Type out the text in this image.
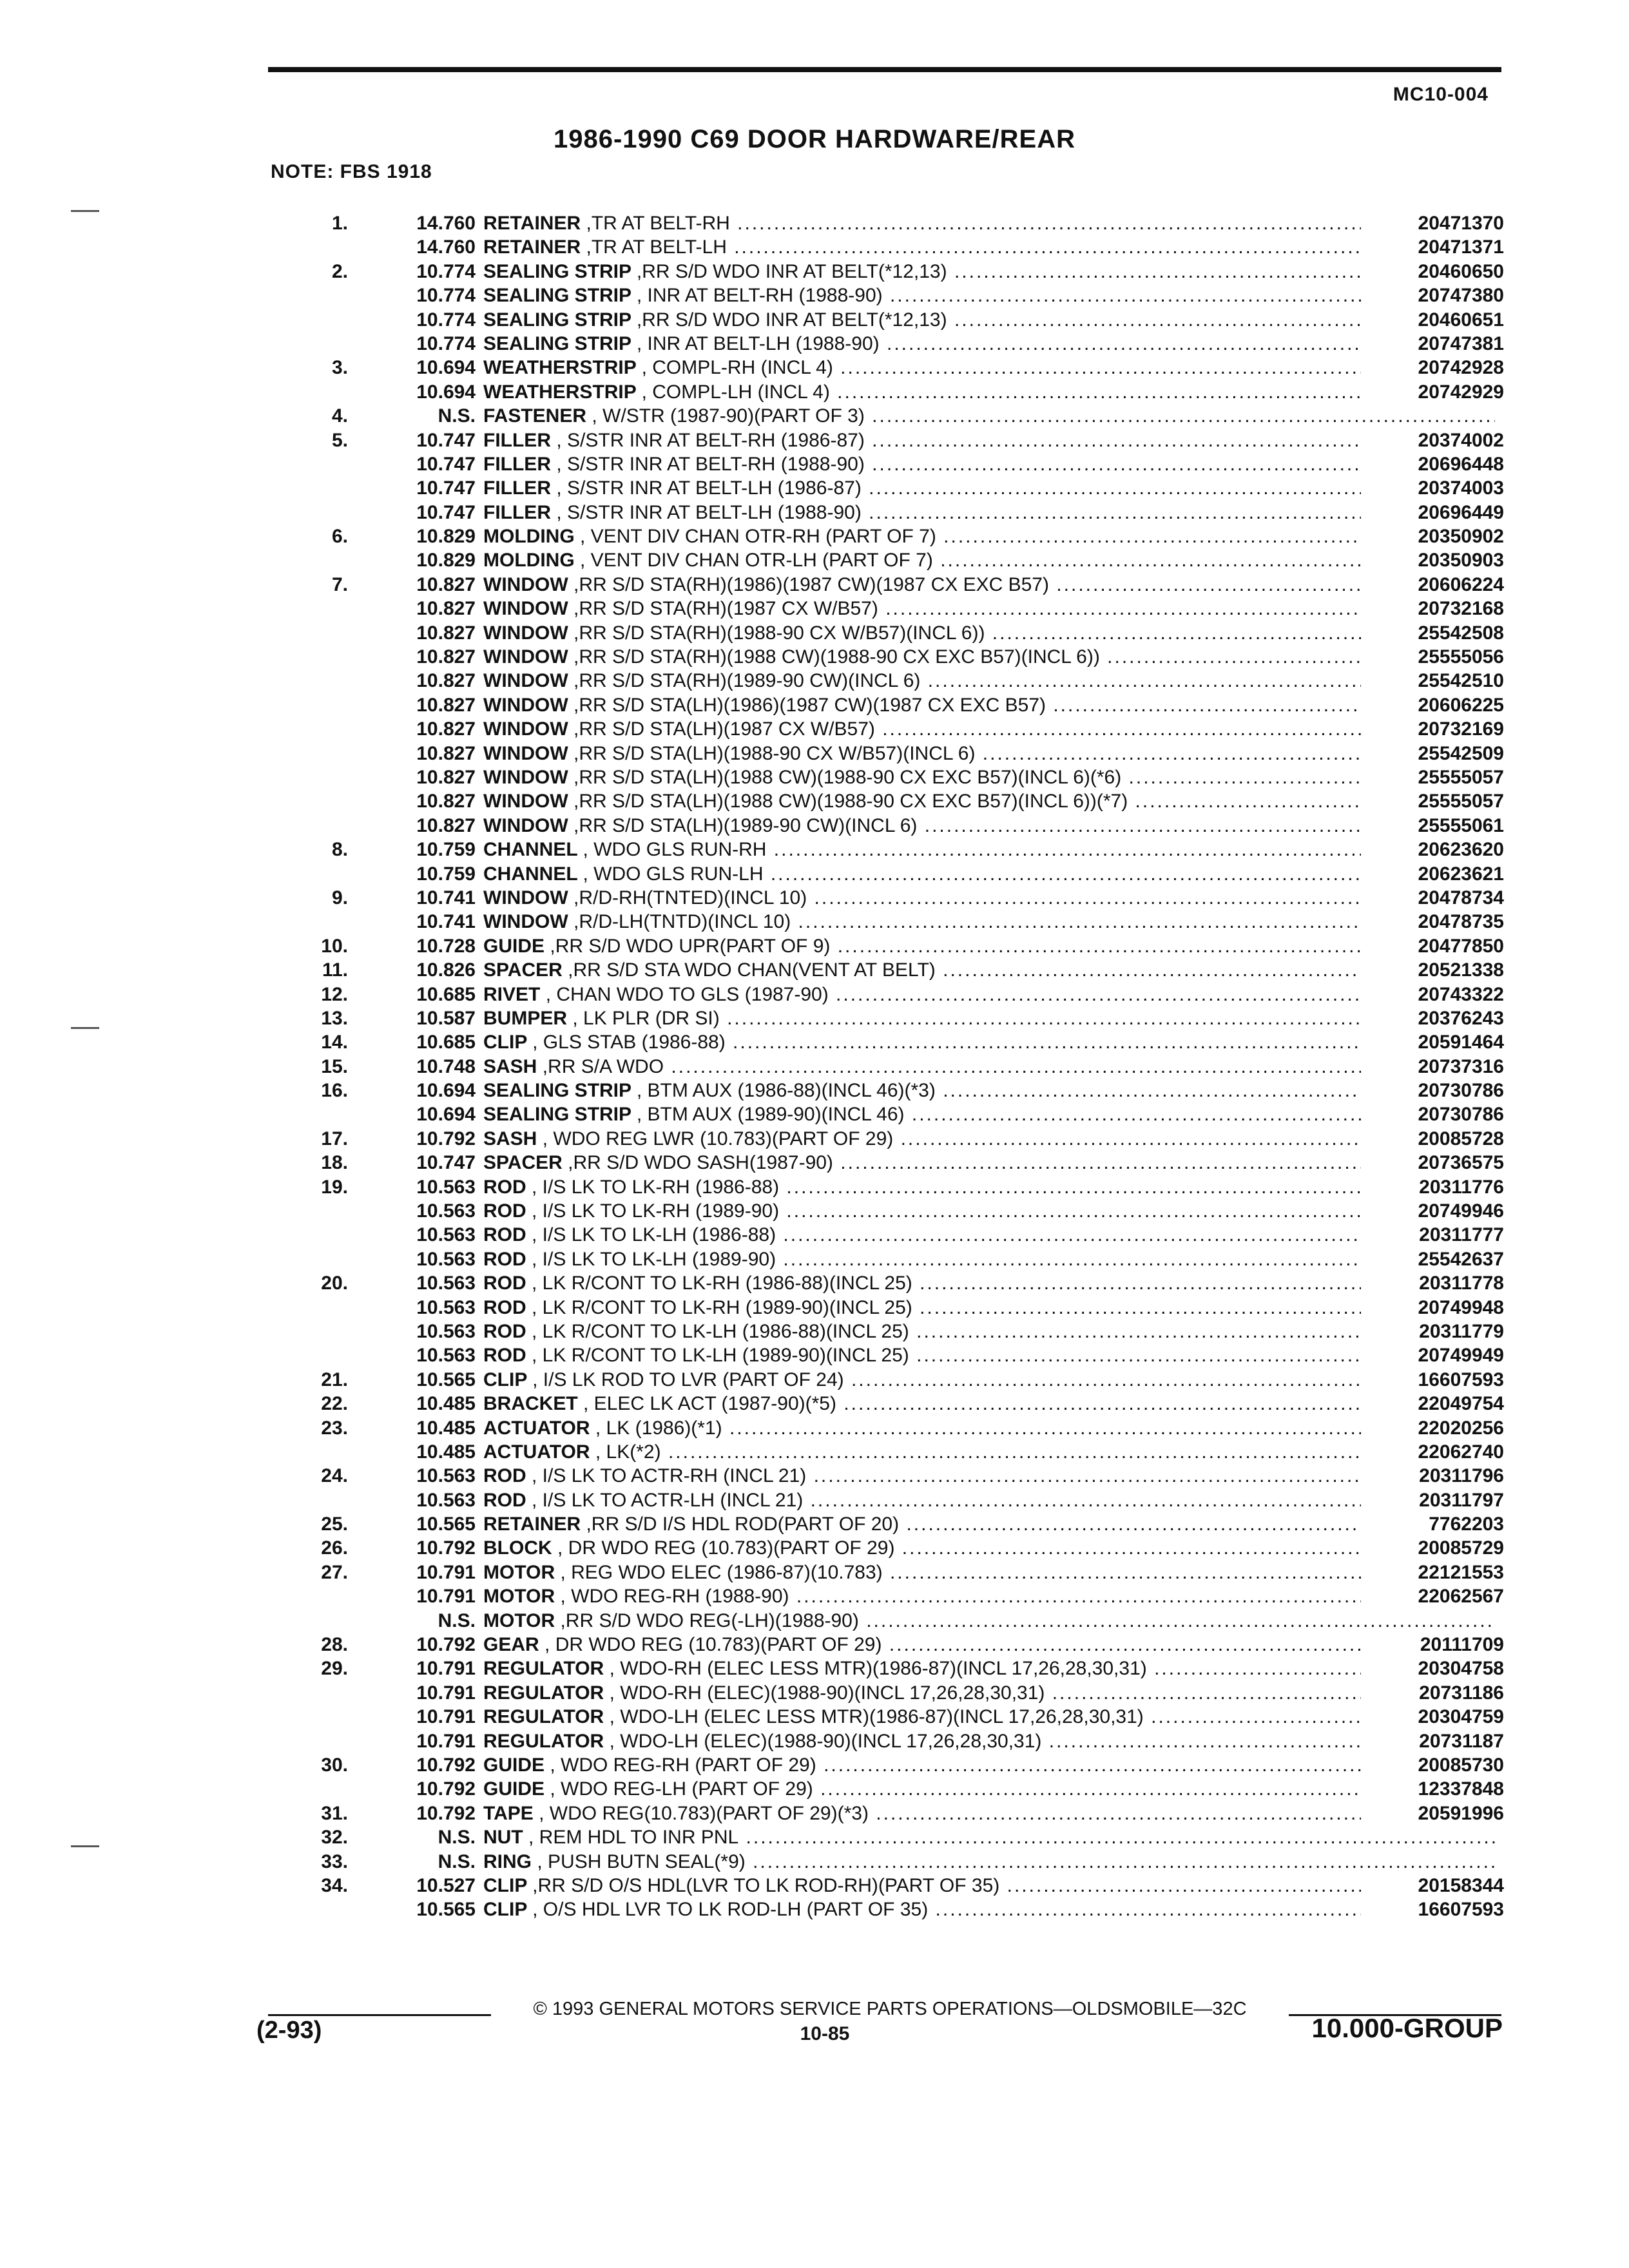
MC10-004
1986-1990 C69 DOOR HARDWARE/REAR
NOTE: FBS 1918
1.	14.760 RETAINER ,TR AT BELT-RH .....	20471370
14.760 RETAINER ,TR AT BELT-LH .....	20471371
2.	10.774 SEALING STRIP ,RR S/D WDO INR AT BELT(*12,13) .....	20460650
10.774 SEALING STRIP , INR AT BELT-RH (1988-90) .....	20747380
10.774 SEALING STRIP ,RR S/D WDO INR AT BELT(*12,13) .....	20460651
10.774 SEALING STRIP , INR AT BELT-LH (1988-90) .....	20747381
3.	10.694 WEATHERSTRIP , COMPL-RH (INCL 4) .....	20742928
10.694 WEATHERSTRIP , COMPL-LH (INCL 4) .....	20742929
4.	N.S. FASTENER , W/STR (1987-90)(PART OF 3) .....
5.	10.747 FILLER , S/STR INR AT BELT-RH (1986-87) .....	20374002
10.747 FILLER , S/STR INR AT BELT-RH (1988-90) .....	20696448
10.747 FILLER , S/STR INR AT BELT-LH (1986-87) .....	20374003
10.747 FILLER , S/STR INR AT BELT-LH (1988-90) .....	20696449
6.	10.829 MOLDING , VENT DIV CHAN OTR-RH (PART OF 7) .....	20350902
10.829 MOLDING , VENT DIV CHAN OTR-LH (PART OF 7) .....	20350903
7.	10.827 WINDOW ,RR S/D STA(RH)(1986)(1987 CW)(1987 CX EXC B57) .....	20606224
10.827 WINDOW ,RR S/D STA(RH)(1987 CX W/B57) .....	20732168
10.827 WINDOW ,RR S/D STA(RH)(1988-90 CX W/B57)(INCL 6)) .....	25542508
10.827 WINDOW ,RR S/D STA(RH)(1988 CW)(1988-90 CX EXC B57)(INCL 6)) .....	25555056
10.827 WINDOW ,RR S/D STA(RH)(1989-90 CW)(INCL 6) .....	25542510
10.827 WINDOW ,RR S/D STA(LH)(1986)(1987 CW)(1987 CX EXC B57) .....	20606225
10.827 WINDOW ,RR S/D STA(LH)(1987 CX W/B57) .....	20732169
10.827 WINDOW ,RR S/D STA(LH)(1988-90 CX W/B57)(INCL 6) .....	25542509
10.827 WINDOW ,RR S/D STA(LH)(1988 CW)(1988-90 CX EXC B57)(INCL 6)(*6) .....	25555057
10.827 WINDOW ,RR S/D STA(LH)(1988 CW)(1988-90 CX EXC B57)(INCL 6))(*7) .....	25555057
10.827 WINDOW ,RR S/D STA(LH)(1989-90 CW)(INCL 6) .....	25555061
8.	10.759 CHANNEL , WDO GLS RUN-RH .....	20623620
10.759 CHANNEL , WDO GLS RUN-LH .....	20623621
9.	10.741 WINDOW ,R/D-RH(TNTED)(INCL 10) .....	20478734
10.741 WINDOW ,R/D-LH(TNTD)(INCL 10) .....	20478735
10.	10.728 GUIDE ,RR S/D WDO UPR(PART OF 9) .....	20477850
11.	10.826 SPACER ,RR S/D STA WDO CHAN(VENT AT BELT) .....	20521338
12.	10.685 RIVET , CHAN WDO TO GLS (1987-90) .....	20743322
13.	10.587 BUMPER , LK PLR (DR SI) .....	20376243
14.	10.685 CLIP , GLS STAB (1986-88) .....	20591464
15.	10.748 SASH ,RR S/A WDO .....	20737316
16.	10.694 SEALING STRIP , BTM AUX (1986-88)(INCL 46)(*3) .....	20730786
10.694 SEALING STRIP , BTM AUX (1989-90)(INCL 46) .....	20730786
17.	10.792 SASH , WDO REG LWR (10.783)(PART OF 29) .....	20085728
18.	10.747 SPACER ,RR S/D WDO SASH(1987-90) .....	20736575
19.	10.563 ROD , I/S LK TO LK-RH (1986-88) .....	20311776
10.563 ROD , I/S LK TO LK-RH (1989-90) .....	20749946
10.563 ROD , I/S LK TO LK-LH (1986-88) .....	20311777
10.563 ROD , I/S LK TO LK-LH (1989-90) .....	25542637
20.	10.563 ROD , LK R/CONT TO LK-RH (1986-88)(INCL 25) .....	20311778
10.563 ROD , LK R/CONT TO LK-RH (1989-90)(INCL 25) .....	20749948
10.563 ROD , LK R/CONT TO LK-LH (1986-88)(INCL 25) .....	20311779
10.563 ROD , LK R/CONT TO LK-LH (1989-90)(INCL 25) .....	20749949
21.	10.565 CLIP , I/S LK ROD TO LVR (PART OF 24) .....	16607593
22.	10.485 BRACKET , ELEC LK ACT (1987-90)(*5) .....	22049754
23.	10.485 ACTUATOR , LK (1986)(*1) .....	22020256
10.485 ACTUATOR , LK(*2) .....	22062740
24.	10.563 ROD , I/S LK TO ACTR-RH (INCL 21) .....	20311796
10.563 ROD , I/S LK TO ACTR-LH (INCL 21) .....	20311797
25.	10.565 RETAINER ,RR S/D I/S HDL ROD(PART OF 20) .....	7762203
26.	10.792 BLOCK , DR WDO REG (10.783)(PART OF 29) .....	20085729
27.	10.791 MOTOR , REG WDO ELEC (1986-87)(10.783) .....	22121553
10.791 MOTOR , WDO REG-RH (1988-90) .....	22062567
N.S. MOTOR ,RR S/D WDO REG(-LH)(1988-90) .....
28.	10.792 GEAR , DR WDO REG (10.783)(PART OF 29) .....	20111709
29.	10.791 REGULATOR , WDO-RH (ELEC LESS MTR)(1986-87)(INCL 17,26,28,30,31) .....	20304758
10.791 REGULATOR , WDO-RH (ELEC)(1988-90)(INCL 17,26,28,30,31) .....	20731186
10.791 REGULATOR , WDO-LH (ELEC LESS MTR)(1986-87)(INCL 17,26,28,30,31) .....	20304759
10.791 REGULATOR , WDO-LH (ELEC)(1988-90)(INCL 17,26,28,30,31) .....	20731187
30.	10.792 GUIDE , WDO REG-RH (PART OF 29) .....	20085730
10.792 GUIDE , WDO REG-LH (PART OF 29) .....	12337848
31.	10.792 TAPE , WDO REG(10.783)(PART OF 29)(*3) .....	20591996
32.	N.S. NUT , REM HDL TO INR PNL .....
33.	N.S. RING , PUSH BUTN SEAL(*9) .....
34.	10.527 CLIP ,RR S/D O/S HDL(LVR TO LK ROD-RH)(PART OF 35) .....	20158344
10.565 CLIP , O/S HDL LVR TO LK ROD-LH (PART OF 35) .....	16607593
© 1993 GENERAL MOTORS SERVICE PARTS OPERATIONS—OLDSMOBILE—32C
(2-93)	10-85	10.000-GROUP
